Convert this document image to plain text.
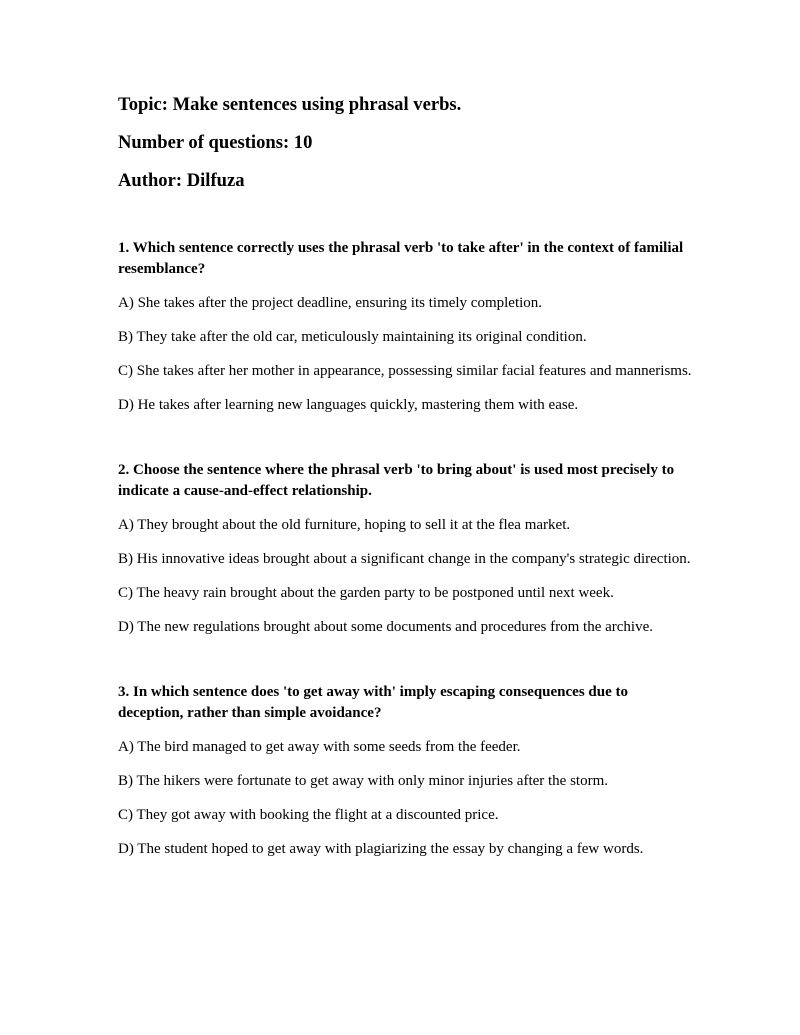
Topic: Make sentences using phrasal verbs.

Number of questions: 10

Author: Dilfuza

1. Which sentence correctly uses the phrasal verb 'to take after' in the context of familial resemblance?

A) She takes after the project deadline, ensuring its timely completion.

B) They take after the old car, meticulously maintaining its original condition.

C) She takes after her mother in appearance, possessing similar facial features and mannerisms.

D) He takes after learning new languages quickly, mastering them with ease.

2. Choose the sentence where the phrasal verb 'to bring about' is used most precisely to indicate a cause-and-effect relationship.

A) They brought about the old furniture, hoping to sell it at the flea market.

B) His innovative ideas brought about a significant change in the company's strategic direction.

C) The heavy rain brought about the garden party to be postponed until next week.

D) The new regulations brought about some documents and procedures from the archive.

3. In which sentence does 'to get away with' imply escaping consequences due to deception, rather than simple avoidance?

A) The bird managed to get away with some seeds from the feeder.

B) The hikers were fortunate to get away with only minor injuries after the storm.

C) They got away with booking the flight at a discounted price.

D) The student hoped to get away with plagiarizing the essay by changing a few words.
